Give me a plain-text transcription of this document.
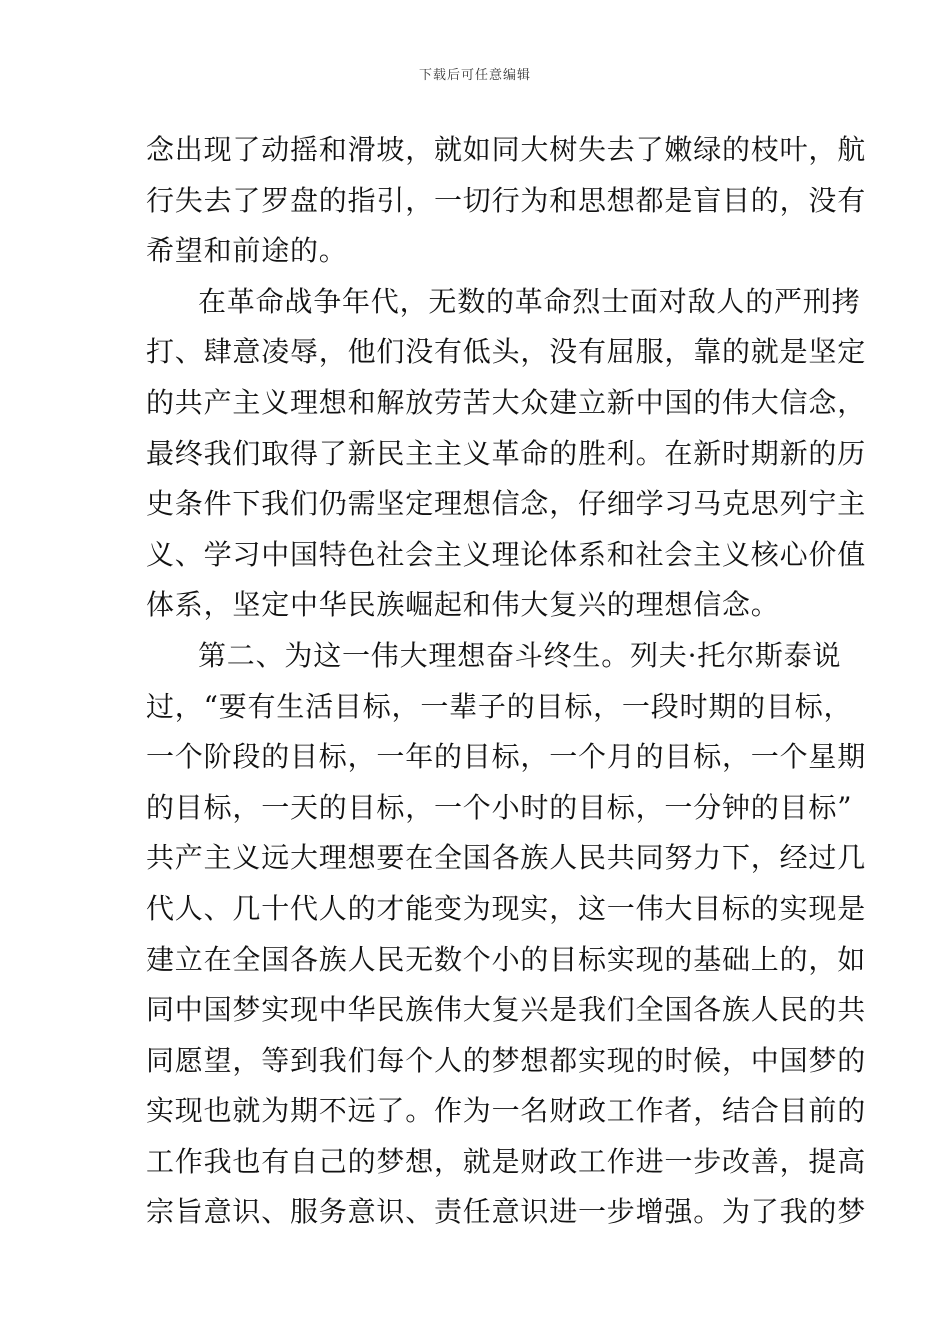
下载后可任意编辑
念出现了动摇和滑坡，就如同大树失去了嫩绿的枝叶，航
行失去了罗盘的指引，一切行为和思想都是盲目的，没有
希望和前途的。
在革命战争年代，无数的革命烈士面对敌人的严刑拷
打、肆意凌辱，他们没有低头，没有屈服，靠的就是坚定
的共产主义理想和解放劳苦大众建立新中国的伟大信念，
最终我们取得了新民主主义革命的胜利。在新时期新的历
史条件下我们仍需坚定理想信念，仔细学习马克思列宁主
义、学习中国特色社会主义理论体系和社会主义核心价值
体系，坚定中华民族崛起和伟大复兴的理想信念。
第二、为这一伟大理想奋斗终生。列夫·托尔斯泰说
过，“要有生活目标，一辈子的目标，一段时期的目标，
一个阶段的目标，一年的目标，一个月的目标，一个星期
的目标，一天的目标，一个小时的目标，一分钟的目标”
共产主义远大理想要在全国各族人民共同努力下，经过几
代人、几十代人的才能变为现实，这一伟大目标的实现是
建立在全国各族人民无数个小的目标实现的基础上的，如
同中国梦实现中华民族伟大复兴是我们全国各族人民的共
同愿望，等到我们每个人的梦想都实现的时候，中国梦的
实现也就为期不远了。作为一名财政工作者，结合目前的
工作我也有自己的梦想，就是财政工作进一步改善，提高
宗旨意识、服务意识、责任意识进一步增强。为了我的梦
